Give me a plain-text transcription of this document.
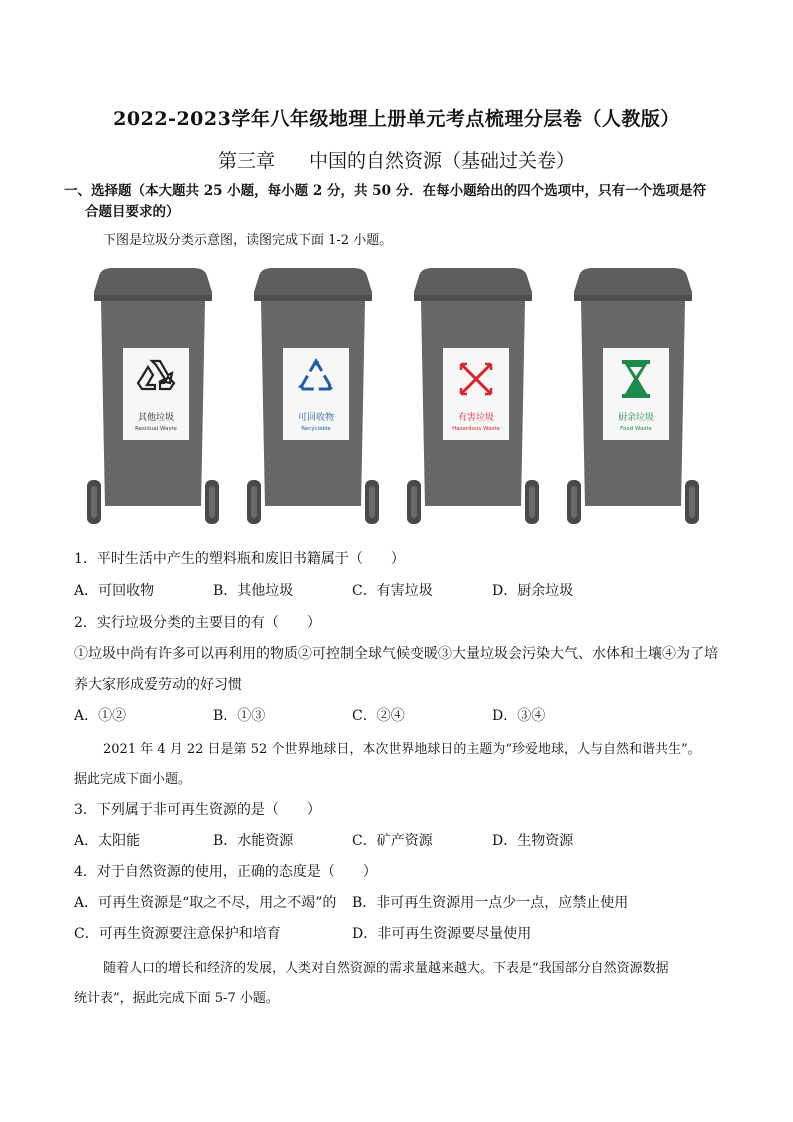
2022-2023学年八年级地理上册单元考点梳理分层卷（人教版）
第三章 中国的自然资源（基础过关卷）
一、选择题（本大题共 25 小题，每小题 2 分，共 50 分．在每小题给出的四个选项中，只有一个选项是符
合题目要求的）
下图是垃圾分类示意图，读图完成下面 1-2 小题。
其他垃圾
Residual Waste
可回收物
Recyclable
有害垃圾
Hazardous Waste
厨余垃圾
Food Waste
1．平时生活中产生的塑料瓶和废旧书籍属于（　　）
A．可回收物	B．其他垃圾	C．有害垃圾	D．厨余垃圾
2．实行垃圾分类的主要目的有（　　）
①垃圾中尚有许多可以再利用的物质②可控制全球气候变暖③大量垃圾会污染大气、水体和土壤④为了培
养大家形成爱劳动的好习惯
A．①②	B．①③	C．②④	D．③④
2021 年 4 月 22 日是第 52 个世界地球日，本次世界地球日的主题为“珍爱地球，人与自然和谐共生”。
据此完成下面小题。
3．下列属于非可再生资源的是（　　）
A．太阳能	B．水能资源	C．矿产资源	D．生物资源
4．对于自然资源的使用，正确的态度是（　　）
A．可再生资源是“取之不尽，用之不竭”的 B．非可再生资源用一点少一点，应禁止使用
C．可再生资源要注意保护和培育	D．非可再生资源要尽量使用
随着人口的增长和经济的发展，人类对自然资源的需求量越来越大。下表是“我国部分自然资源数据
统计表”，据此完成下面 5-7 小题。
